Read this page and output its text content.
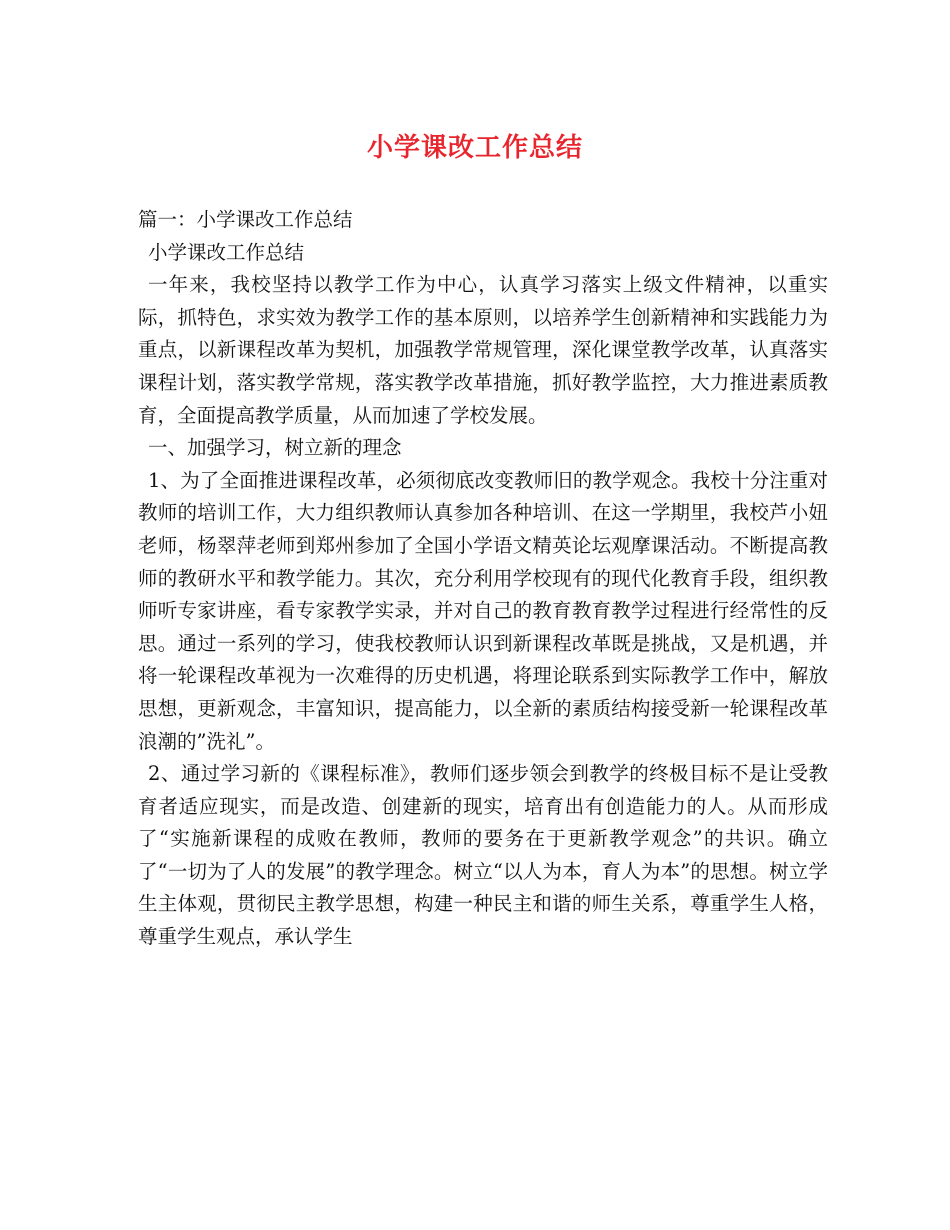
小学课改工作总结

篇一：小学课改工作总结

小学课改工作总结

一年来，我校坚持以教学工作为中心，认真学习落实上级文件精神，以重实际，抓特色，求实效为教学工作的基本原则，以培养学生创新精神和实践能力为重点，以新课程改革为契机，加强教学常规管理，深化课堂教学改革，认真落实课程计划，落实教学常规，落实教学改革措施，抓好教学监控，大力推进素质教育，全面提高教学质量，从而加速了学校发展。

一、加强学习，树立新的理念

1、为了全面推进课程改革，必须彻底改变教师旧的教学观念。我校十分注重对教师的培训工作，大力组织教师认真参加各种培训、在这一学期里，我校芦小妞老师，杨翠萍老师到郑州参加了全国小学语文精英论坛观摩课活动。不断提高教师的教研水平和教学能力。其次，充分利用学校现有的现代化教育手段，组织教师听专家讲座，看专家教学实录，并对自己的教育教育教学过程进行经常性的反思。通过一系列的学习，使我校教师认识到新课程改革既是挑战，又是机遇，并将一轮课程改革视为一次难得的历史机遇，将理论联系到实际教学工作中，解放思想，更新观念，丰富知识，提高能力，以全新的素质结构接受新一轮课程改革浪潮的”洗礼”。

2、通过学习新的《课程标准》，教师们逐步领会到教学的终极目标不是让受教育者适应现实，而是改造、创建新的现实，培育出有创造能力的人。从而形成了“实施新课程的成败在教师，教师的要务在于更新教学观念”的共识。确立了“一切为了人的发展”的教学理念。树立“以人为本，育人为本”的思想。树立学生主体观，贯彻民主教学思想，构建一种民主和谐的师生关系，尊重学生人格，尊重学生观点，承认学生
